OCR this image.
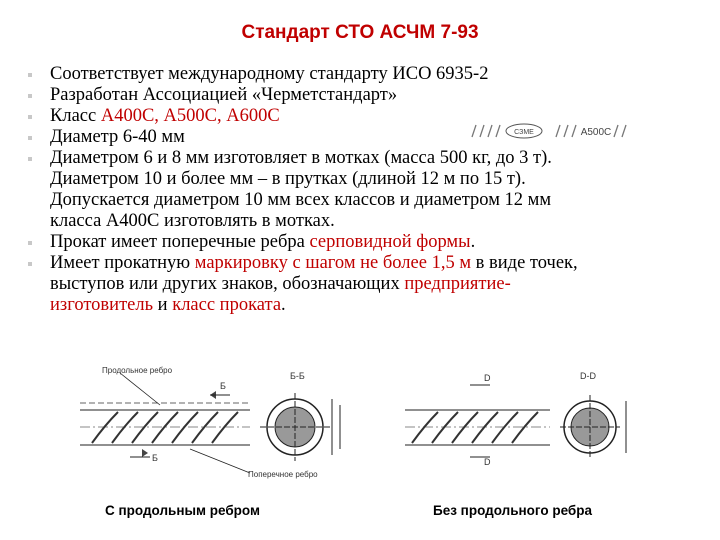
Стандарт СТО АСЧМ 7-93
Соответствует международному стандарту ИСО 6935-2
Разработан Ассоциацией «Черметстандарт»
Класс А400С, А500С, А600С
Диаметр 6-40 мм
Диаметром 6 и 8 мм изготовляет в мотках (масса 500 кг, до 3 т).
Диаметром 10 и более мм – в прутках (длиной 12 м по 15 т).
Допускается диаметром 10 мм всех классов и диаметром 12 мм
класса А400С изготовлять в мотках.
Прокат имеет поперечные ребра серповидной формы.
Имеет прокатную маркировку с шагом не более 1,5 м в виде точек,
выступов или других знаков, обозначающих предприятие-
изготовитель и класс проката.
СЗМЕ	А500С
Б
Б
Продольное ребро
Поперечное ребро
Б-Б	D
D
D-D
С продольным ребром	Без продольного ребра
